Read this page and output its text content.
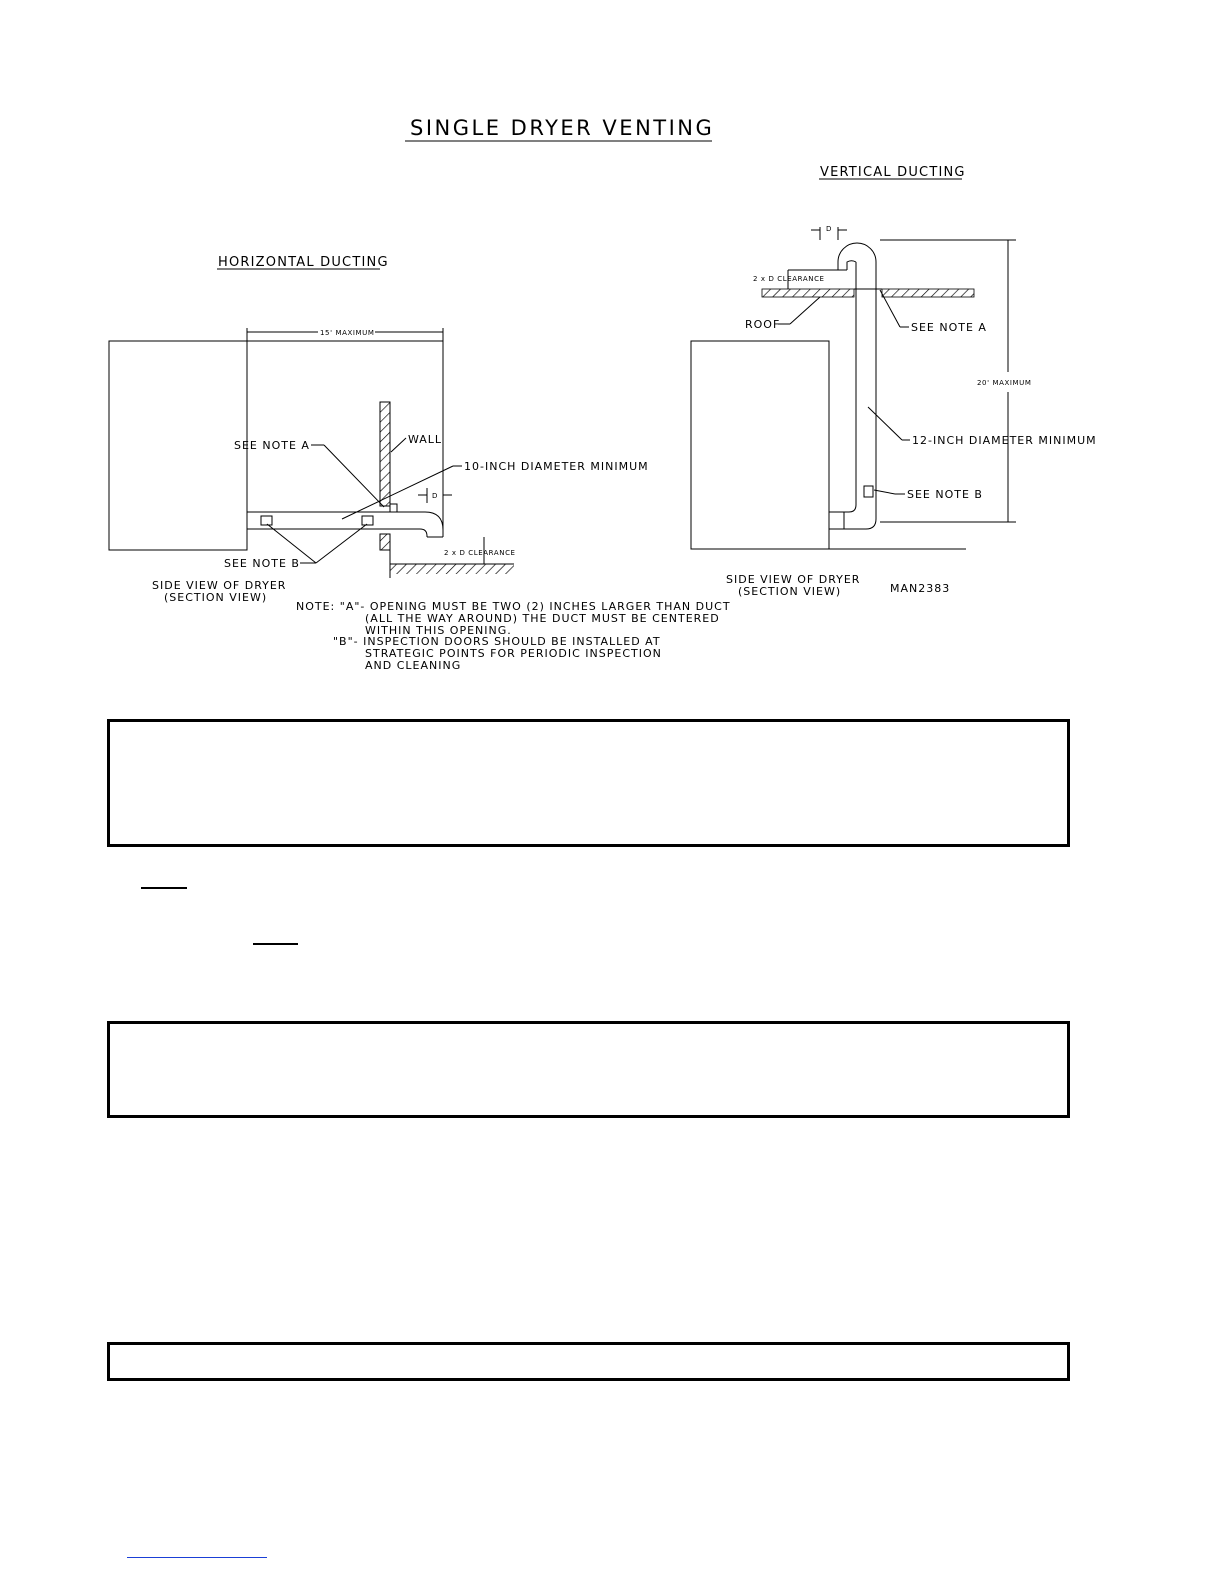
SINGLE DRYER VENTING
HORIZONTAL DUCTING
15' MAXIMUM
WALL
D
2 x D CLEARANCE
SEE NOTE A
10-INCH DIAMETER MINIMUM
SEE NOTE B
SIDE VIEW OF DRYER
(SECTION VIEW)
VERTICAL DUCTING
D
2 x D CLEARANCE
ROOF	SEE NOTE A
20' MAXIMUM
12-INCH DIAMETER MINIMUM
SEE NOTE B
SIDE VIEW OF DRYER
(SECTION VIEW)	MAN2383
NOTE: "A"- OPENING MUST BE TWO (2) INCHES LARGER THAN DUCT
(ALL THE WAY AROUND) THE DUCT MUST BE CENTERED
WITHIN THIS OPENING.
"B"- INSPECTION DOORS SHOULD BE INSTALLED AT
STRATEGIC POINTS FOR PERIODIC INSPECTION
AND CLEANING
